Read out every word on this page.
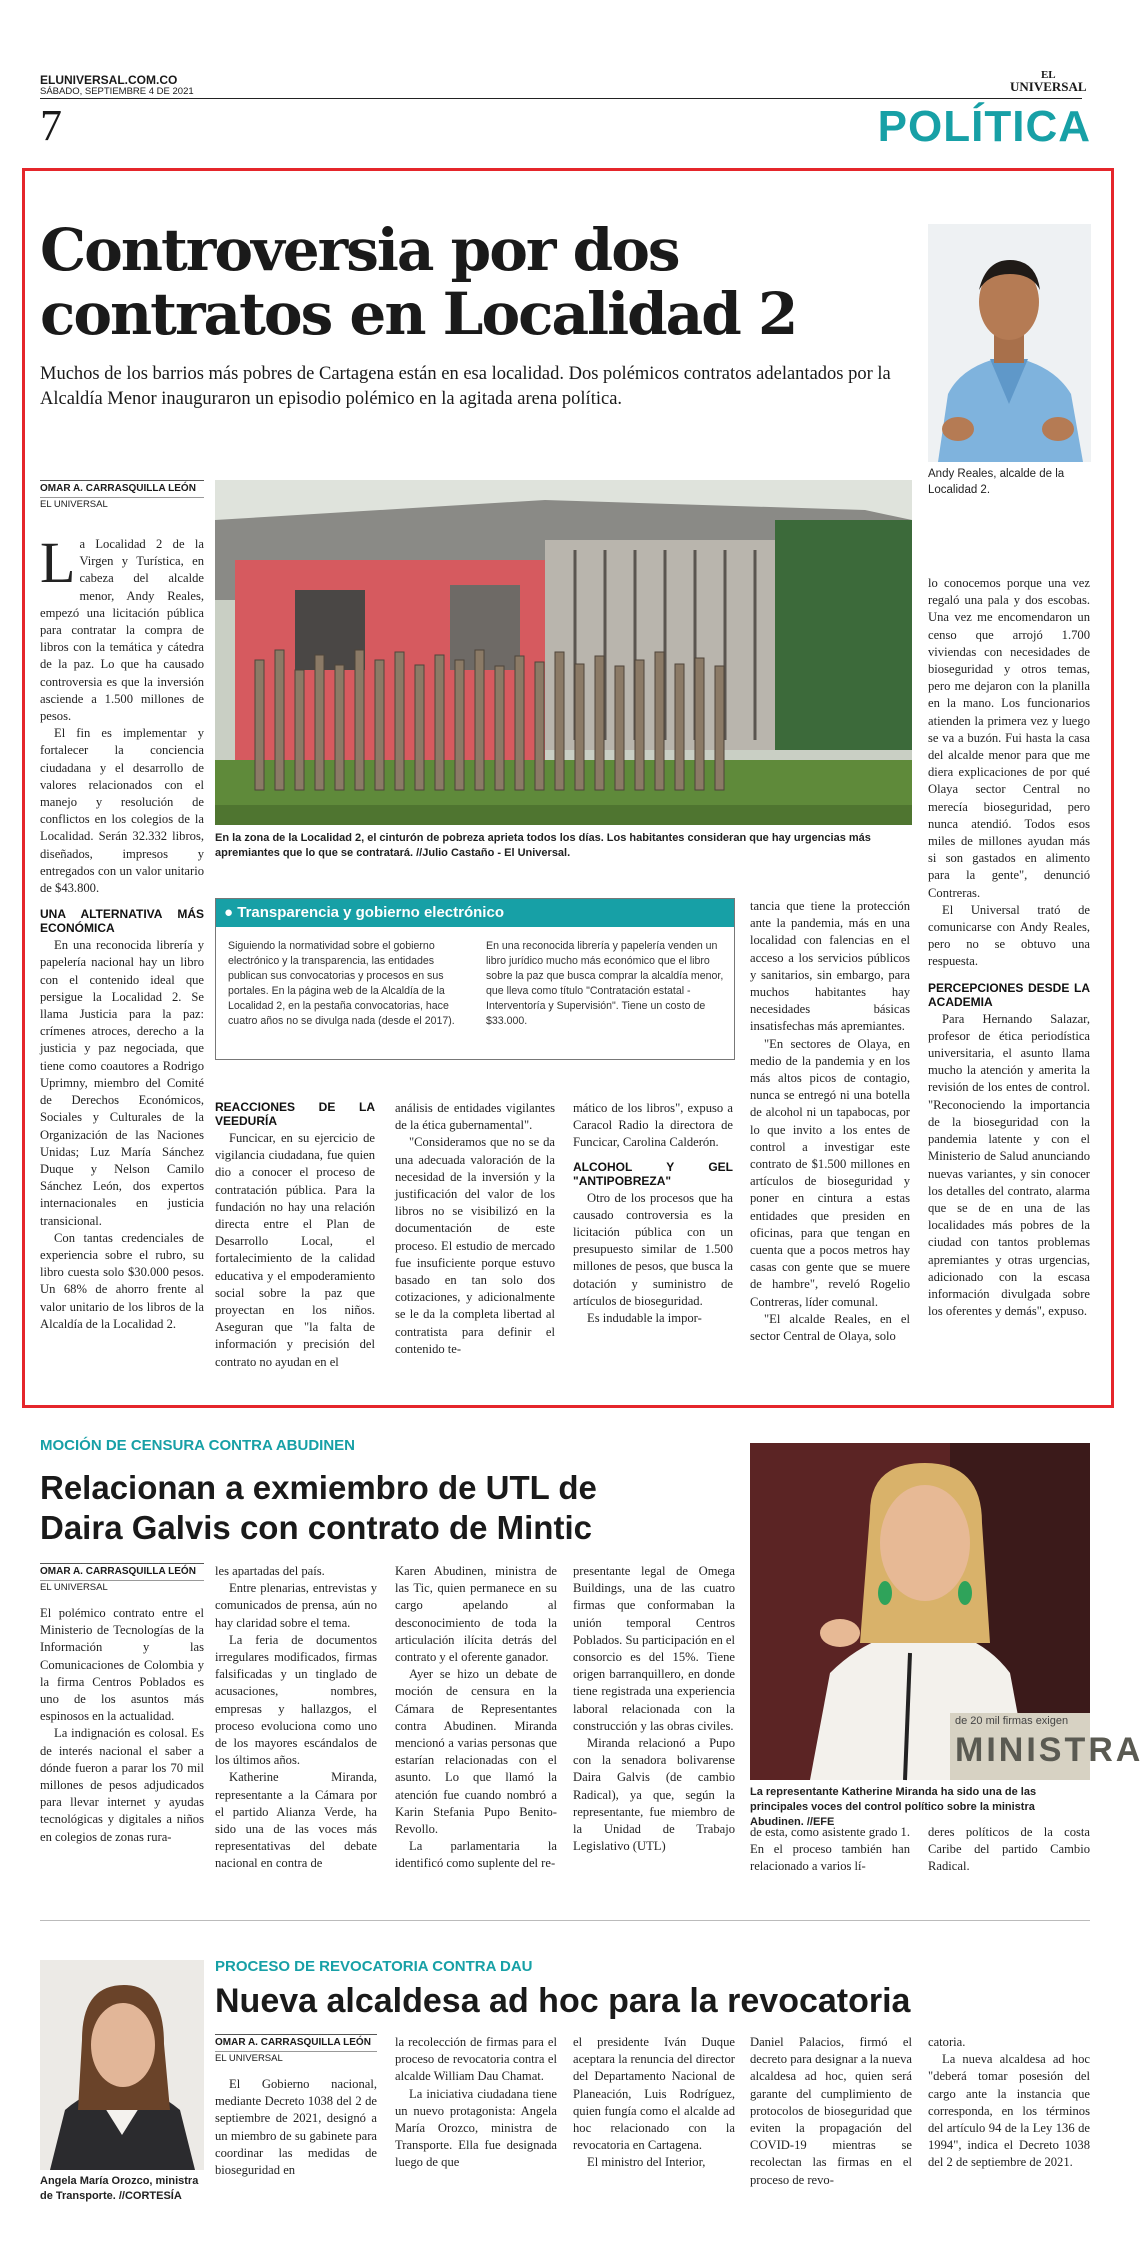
ELUNIVERSAL.COM.CO
SÁBADO, SEPTIEMBRE 4 DE 2021
EL
UNIVERSAL
7	POLÍTICA
Controversia por dos
contratos en Localidad 2
Muchos de los barrios más pobres de Cartagena están en esa localidad. Dos polémicos contratos adelantados por la Alcaldía Menor inauguraron un episodio polémico en la agitada arena política.
Andy Reales, alcalde de la Localidad 2.
OMAR A. CARRASQUILLA LEÓN
EL UNIVERSAL
En la zona de la Localidad 2, el cinturón de pobreza aprieta todos los días. Los habitantes consideran que hay urgencias más apremiantes que lo que se contratará. //Julio Castaño - El Universal.
La Localidad 2 de la Virgen y Turística, en cabeza del alcalde menor, Andy Reales, empezó una licitación pública para contratar la compra de libros con la temática y cátedra de la paz. Lo que ha causado controversia es que la inversión asciende a 1.500 millones de pesos.

El fin es implementar y fortalecer la conciencia ciudadana y el desarrollo de valores relacionados con el manejo y resolución de conflictos en los colegios de la Localidad. Serán 32.332 libros, diseñados, impresos y entregados con un valor unitario de $43.800.

UNA ALTERNATIVA MÁS ECONÓMICA

En una reconocida librería y papelería nacional hay un libro con el contenido ideal que persigue la Localidad 2. Se llama Justicia para la paz: crímenes atroces, derecho a la justicia y paz negociada, que tiene como coautores a Rodrigo Uprimny, miembro del Comité de Derechos Económicos, Sociales y Culturales de la Organización de las Naciones Unidas; Luz María Sánchez Duque y Nelson Camilo Sánchez León, dos expertos internacionales en justicia transicional.

Con tantas credenciales de experiencia sobre el rubro, su libro cuesta solo $30.000 pesos. Un 68% de ahorro frente al valor unitario de los libros de la Alcaldía de la Localidad 2.

● Transparencia y gobierno electrónico
Siguiendo la normatividad sobre el gobierno electrónico y la transparencia, las entidades publican sus convocatorias y procesos en sus portales. En la página web de la Alcaldía de la Localidad 2, en la pestaña convocatorias, hace cuatro años no se divulga nada (desde el 2017).
En una reconocida librería y papelería venden un libro jurídico mucho más económico que el libro sobre la paz que busca comprar la alcaldía menor, que lleva como título "Contratación estatal - Interventoría y Supervisión". Tiene un costo de $33.000.
REACCIONES DE LA VEEDURÍA

Funcicar, en su ejercicio de vigilancia ciudadana, fue quien dio a conocer el proceso de contratación pública. Para la fundación no hay una relación directa entre el Plan de Desarrollo Local, el fortalecimiento de la calidad educativa y el empoderamiento social sobre la paz que proyectan en los niños. Aseguran que "la falta de información y precisión del contrato no ayudan en el

análisis de entidades vigilantes de la ética gubernamental".

"Consideramos que no se da una adecuada valoración de la necesidad de la inversión y la justificación del valor de los libros no se visibilizó en la documentación de este proceso. El estudio de mercado fue insuficiente porque estuvo basado en tan solo dos cotizaciones, y adicionalmente se le da la completa libertad al contratista para definir el contenido te-

mático de los libros", expuso a Caracol Radio la directora de Funcicar, Carolina Calderón.

ALCOHOL Y GEL "ANTIPOBREZA"

Otro de los procesos que ha causado controversia es la licitación pública con un presupuesto similar de 1.500 millones de pesos, que busca la dotación y suministro de artículos de bioseguridad.

Es indudable la impor-

tancia que tiene la protección ante la pandemia, más en una localidad con falencias en el acceso a los servicios públicos y sanitarios, sin embargo, para muchos habitantes hay necesidades básicas insatisfechas más apremiantes.

"En sectores de Olaya, en medio de la pandemia y en los más altos picos de contagio, nunca se entregó ni una botella de alcohol ni un tapabocas, por lo que invito a los entes de control a investigar este contrato de $1.500 millones en artículos de bioseguridad y poner en cintura a estas entidades que presiden en oficinas, para que tengan en cuenta que a pocos metros hay casas con gente que se muere de hambre", reveló Rogelio Contreras, líder comunal.

"El alcalde Reales, en el sector Central de Olaya, solo

lo conocemos porque una vez regaló una pala y dos escobas. Una vez me encomendaron un censo que arrojó 1.700 viviendas con necesidades de bioseguridad y otros temas, pero me dejaron con la planilla en la mano. Los funcionarios atienden la primera vez y luego se va a buzón. Fui hasta la casa del alcalde menor para que me diera explicaciones de por qué Olaya sector Central no merecía bioseguridad, pero nunca atendió. Todos esos miles de millones ayudan más si son gastados en alimento para la gente", denunció Contreras.

El Universal trató de comunicarse con Andy Reales, pero no se obtuvo una respuesta.

PERCEPCIONES DESDE LA ACADEMIA

Para Hernando Salazar, profesor de ética periodística universitaria, el asunto llama mucho la atención y amerita la revisión de los entes de control. "Reconociendo la importancia de la bioseguridad con la pandemia latente y con el Ministerio de Salud anunciando nuevas variantes, y sin conocer los detalles del contrato, alarma que se de en una de las localidades más pobres de la ciudad con tantos problemas apremiantes y otras urgencias, adicionado con la escasa información divulgada sobre los oferentes y demás", expuso.

MOCIÓN DE CENSURA CONTRA ABUDINEN
Relacionan a exmiembro de UTL de
Daira Galvis con contrato de Mintic
OMAR A. CARRASQUILLA LEÓN
EL UNIVERSAL
de 20 mil firmas exigen
MINISTRA
La representante Katherine Miranda ha sido una de las principales voces del control político sobre la ministra Abudinen. //EFE

El polémico contrato entre el Ministerio de Tecnologías de la Información y las Comunicaciones de Colombia y la firma Centros Poblados es uno de los asuntos más espinosos en la actualidad.

La indignación es colosal. Es de interés nacional el saber a dónde fueron a parar los 70 mil millones de pesos adjudicados para llevar internet y ayudas tecnológicas y digitales a niños en colegios de zonas rura-

les apartadas del país.

Entre plenarias, entrevistas y comunicados de prensa, aún no hay claridad sobre el tema.

La feria de documentos irregulares modificados, firmas falsificadas y un tinglado de acusaciones, nombres, empresas y hallazgos, el proceso evoluciona como uno de los mayores escándalos de los últimos años.

Katherine Miranda, representante a la Cámara por el partido Alianza Verde, ha sido una de las voces más representativas del debate nacional en contra de

Karen Abudinen, ministra de las Tic, quien permanece en su cargo apelando al desconocimiento de toda la articulación ilícita detrás del contrato y el oferente ganador.

Ayer se hizo un debate de moción de censura en la Cámara de Representantes contra Abudinen. Miranda mencionó a varias personas que estarían relacionadas con el asunto. Lo que llamó la atención fue cuando nombró a Karin Stefania Pupo Benito-Revollo.

La parlamentaria la identificó como suplente del re-

presentante legal de Omega Buildings, una de las cuatro firmas que conformaban la unión temporal Centros Poblados. Su participación en el consorcio es del 15%. Tiene origen barranquillero, en donde tiene registrada una experiencia laboral relacionada con la construcción y las obras civiles.

Miranda relacionó a Pupo con la senadora bolivarense Daira Galvis (de cambio Radical), ya que, según la representante, fue miembro de la Unidad de Trabajo Legislativo (UTL)

de esta, como asistente grado 1. En el proceso también han relacionado a varios lí-

deres políticos de la costa Caribe del partido Cambio Radical.

Angela María Orozco, ministra de Transporte. //CORTESÍA
PROCESO DE REVOCATORIA CONTRA DAU
Nueva alcaldesa ad hoc para la revocatoria
OMAR A. CARRASQUILLA LEÓN
EL UNIVERSAL

El Gobierno nacional, mediante Decreto 1038 del 2 de septiembre de 2021, designó a un miembro de su gabinete para coordinar las medidas de bioseguridad en

la recolección de firmas para el proceso de revocatoria contra el alcalde William Dau Chamat.

La iniciativa ciudadana tiene un nuevo protagonista: Angela María Orozco, ministra de Transporte. Ella fue designada luego de que

el presidente Iván Duque aceptara la renuncia del director del Departamento Nacional de Planeación, Luis Rodríguez, quien fungía como el alcalde ad hoc relacionado con la revocatoria en Cartagena.

El ministro del Interior,

Daniel Palacios, firmó el decreto para designar a la nueva alcaldesa ad hoc, quien será garante del cumplimiento de protocolos de bioseguridad que eviten la propagación del COVID-19 mientras se recolectan las firmas en el proceso de revo-

catoria.

La nueva alcaldesa ad hoc "deberá tomar posesión del cargo ante la instancia que corresponda, en los términos del artículo 94 de la Ley 136 de 1994", indica el Decreto 1038 del 2 de septiembre de 2021.
